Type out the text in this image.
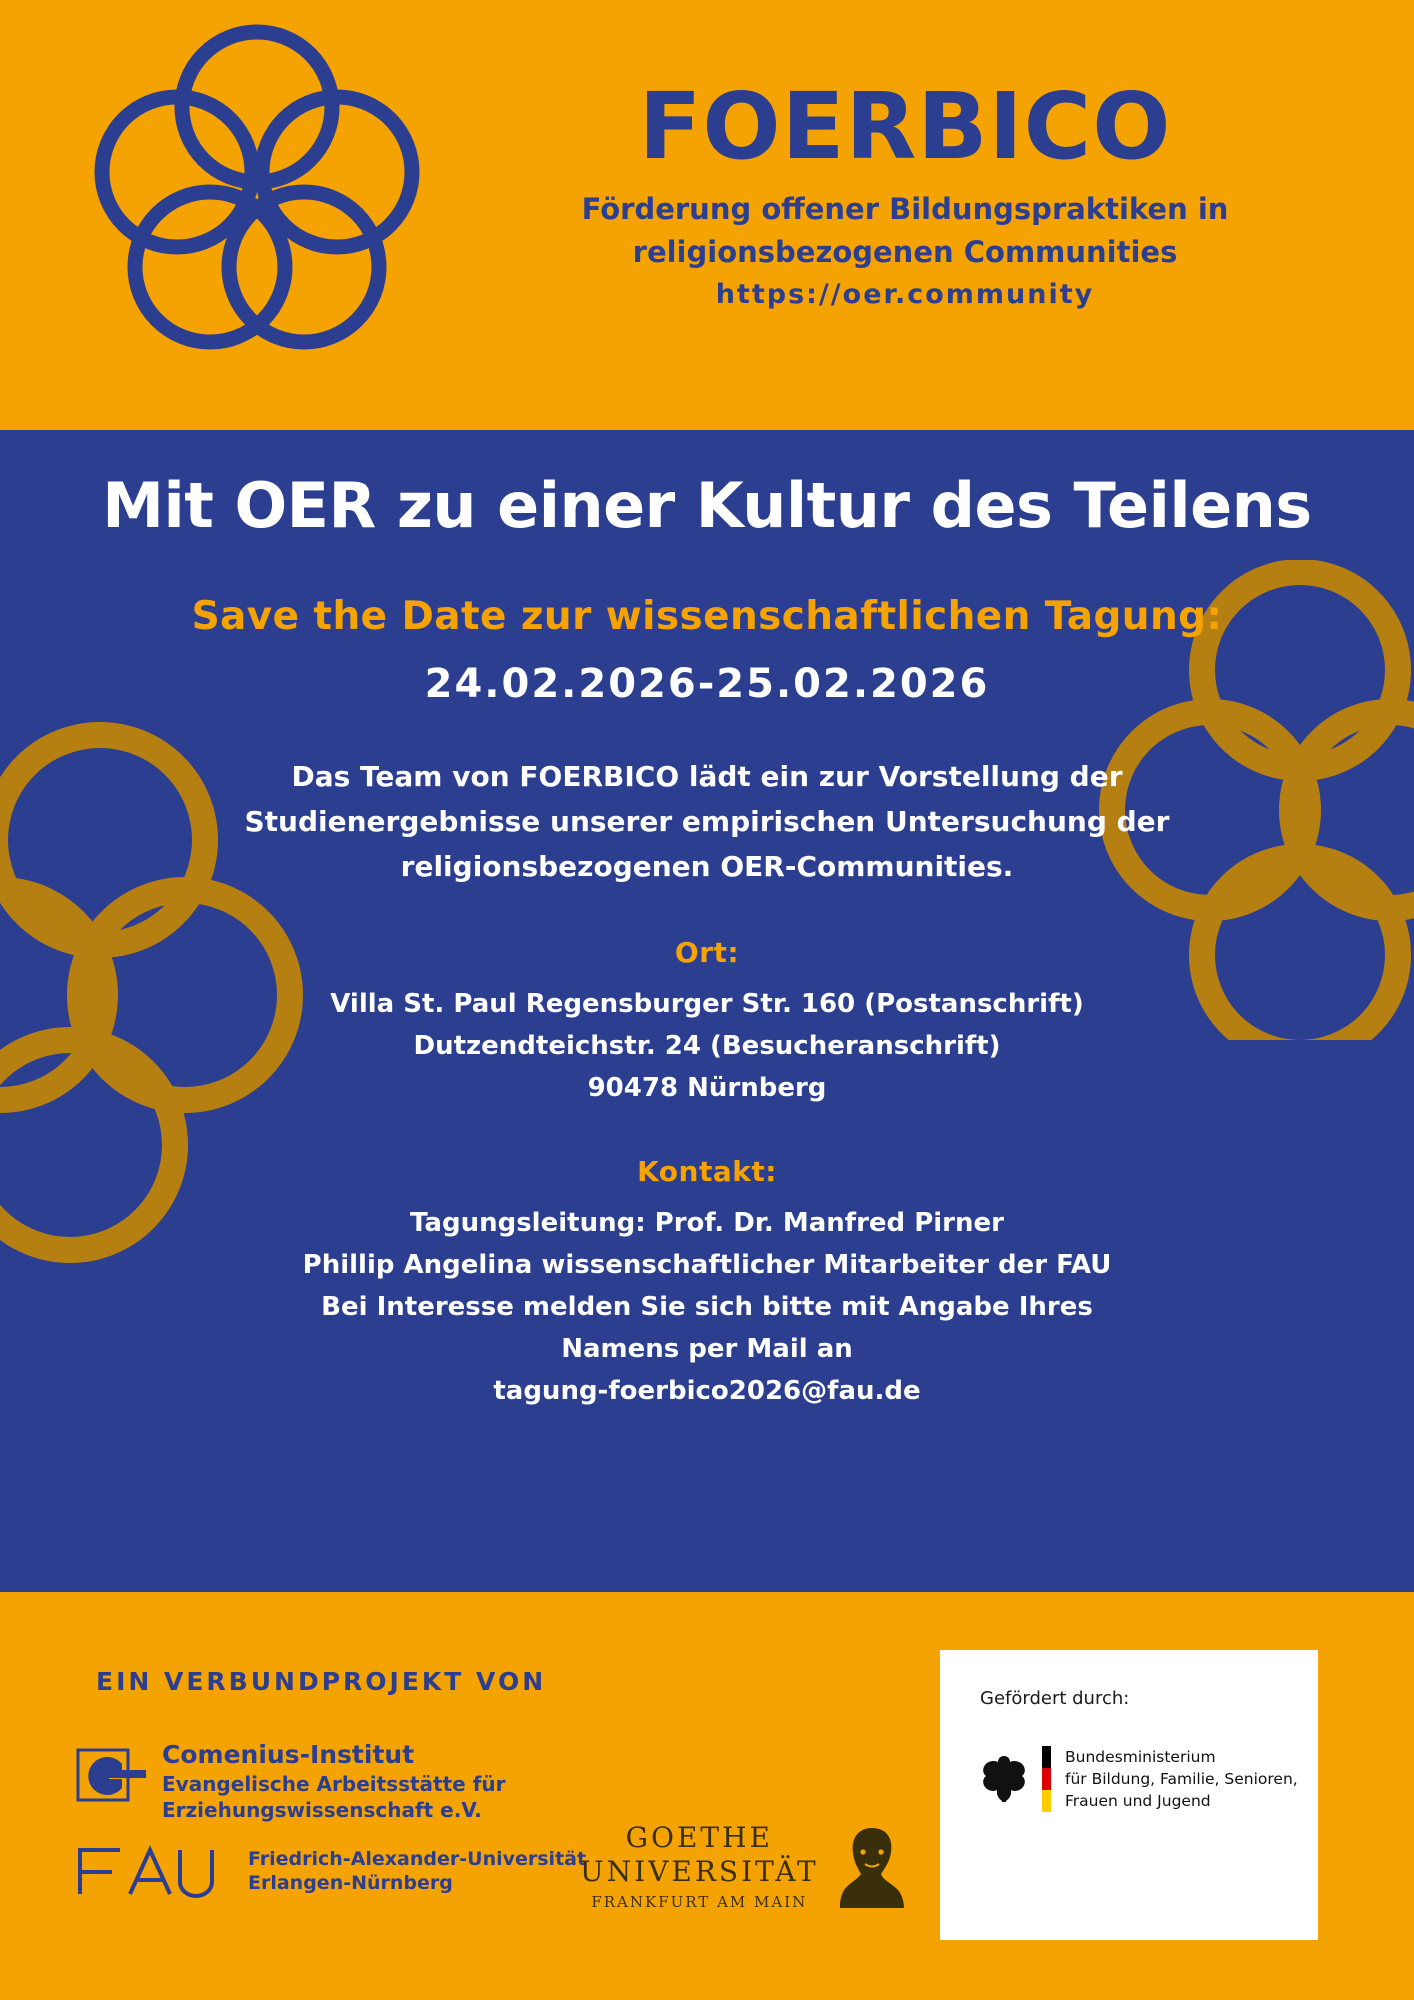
FOERBICO
Förderung offener Bildungspraktiken in
religionsbezogenen Communities
https://oer.community
Mit OER zu einer Kultur des Teilens
Save the Date zur wissenschaftlichen Tagung:
24.02.2026-25.02.2026
Das Team von FOERBICO lädt ein zur Vorstellung der Studienergebnisse unserer empirischen Untersuchung der religionsbezogenen OER-Communities.
Ort:
Villa St. Paul Regensburger Str. 160 (Postanschrift)
Dutzendteichstr. 24 (Besucheranschrift)
90478 Nürnberg
Kontakt:
Tagungsleitung: Prof. Dr. Manfred Pirner
Phillip Angelina wissenschaftlicher Mitarbeiter der FAU
Bei Interesse melden Sie sich bitte mit Angabe Ihres
Namens per Mail an
tagung-foerbico2026@fau.de
EIN VERBUNDPROJEKT VON
Comenius-Institut
Evangelische Arbeitsstätte für
Erziehungswissenschaft e.V.
Friedrich-Alexander-Universität
Erlangen-Nürnberg
GOETHE
UNIVERSITÄT
FRANKFURT AM MAIN
Gefördert durch:
Bundesministerium
für Bildung, Familie, Senioren,
Frauen und Jugend
